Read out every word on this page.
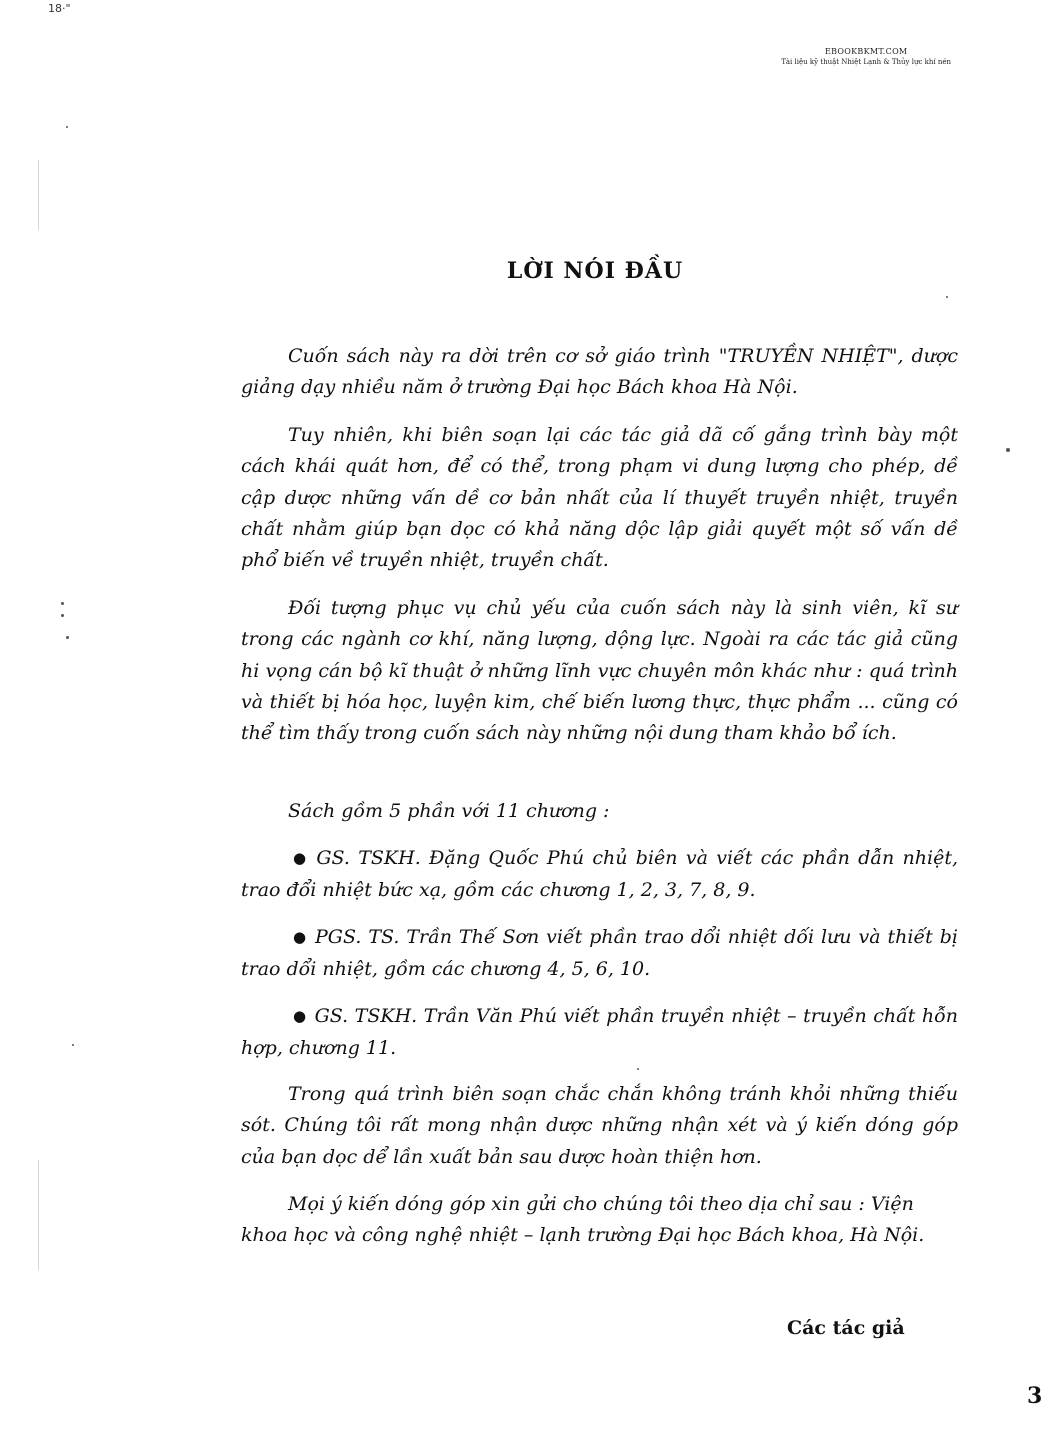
18·"
EBOOKBKMT.COM
Tài liệu kỹ thuật Nhiệt Lạnh & Thủy lực khí nén
LỜI NÓI ĐẦU

Cuốn sách này ra dời trên cơ sở giáo trình "TRUYỀN NHIỆT", dược giảng dạy nhiều năm ở trường Đại học Bách khoa Hà Nội.

Tuy nhiên, khi biên soạn lại các tác giả dã cố gắng trình bày một cách khái quát hơn, để có thể, trong phạm vi dung lượng cho phép, dề cập dược những vấn dề cơ bản nhất của lí thuyết truyền nhiệt, truyền chất nhằm giúp bạn dọc có khả năng dộc lập giải quyết một số vấn dề phổ biến về truyền nhiệt, truyền chất.

Đối tượng phục vụ chủ yếu của cuốn sách này là sinh viên, kĩ sư trong các ngành cơ khí, năng lượng, dộng lực. Ngoài ra các tác giả cũng hi vọng cán bộ kĩ thuật ở những lĩnh vực chuyên môn khác như : quá trình và thiết bị hóa học, luyện kim, chế biến lương thực, thực phẩm ... cũng có thể tìm thấy trong cuốn sách này những nội dung tham khảo bổ ích.

Sách gồm 5 phần với 11 chương :

● GS. TSKH. Đặng Quốc Phú chủ biên và viết các phần dẫn nhiệt, trao đổi nhiệt bức xạ, gồm các chương 1, 2, 3, 7, 8, 9.

● PGS. TS. Trần Thế Sơn viết phần trao dổi nhiệt dối lưu và thiết bị trao dổi nhiệt, gồm các chương 4, 5, 6, 10.

● GS. TSKH. Trần Văn Phú viết phần truyền nhiệt – truyền chất hỗn hợp, chương 11.

Trong quá trình biên soạn chắc chắn không tránh khỏi những thiếu sót. Chúng tôi rất mong nhận dược những nhận xét và ý kiến dóng góp của bạn dọc dể lần xuất bản sau dược hoàn thiện hơn.

Mọi ý kiến dóng góp xin gửi cho chúng tôi theo dịa chỉ sau : Viện khoa học và công nghệ nhiệt – lạnh trường Đại học Bách khoa, Hà Nội.

Các tác giả
3
